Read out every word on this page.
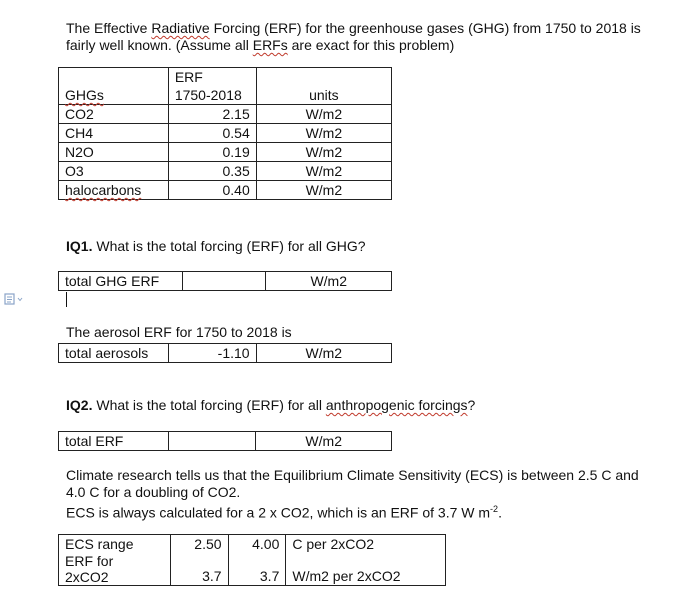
The Effective Radiative Forcing (ERF) for the greenhouse gases (GHG) from 1750 to 2018 is
fairly well known. (Assume all ERFs are exact for this problem)
	ERF	
GHGs	1750-2018	units
CO2	2.15	W/m2
CH4	0.54	W/m2
N2O	0.19	W/m2
O3	0.35	W/m2
halocarbons	0.40	W/m2
IQ1. What is the total forcing (ERF) for all GHG?
total GHG ERF		W/m2
The aerosol ERF for 1750 to 2018 is
total aerosols	-1.10	W/m2
IQ2. What is the total forcing (ERF) for all anthropogenic forcings?
total ERF		W/m2
Climate research tells us that the Equilibrium Climate Sensitivity (ECS) is between 2.5 C and
4.0 C for a doubling of CO2.
ECS is always calculated for a 2 x CO2, which is an ERF of 3.7 W $m^{-2}$.
ECS range	2.50	4.00	C per 2xCO2

ERF for
2xCO2	3.7	3.7	W/m2 per 2xCO2
